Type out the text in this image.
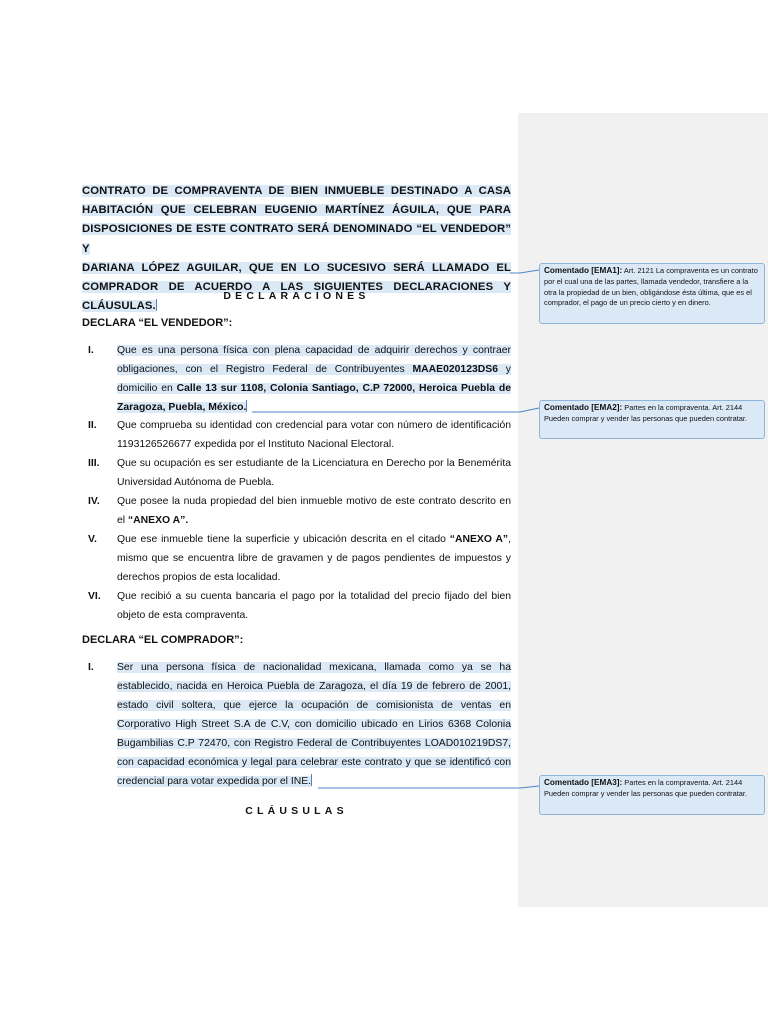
CONTRATO DE COMPRAVENTA DE BIEN INMUEBLE DESTINADO A CASA
HABITACIÓN QUE CELEBRAN EUGENIO MARTÍNEZ ÁGUILA, QUE PARA
DISPOSICIONES DE ESTE CONTRATO SERÁ DENOMINADO “EL VENDEDOR” Y
DARIANA LÓPEZ AGUILAR, QUE EN LO SUCESIVO SERÁ LLAMADO EL
COMPRADOR DE ACUERDO A LAS SIGUIENTES DECLARACIONES Y CLÁUSULAS.
DECLARACIONES
DECLARA “EL VENDEDOR”:
I. Que es una persona física con plena capacidad de adquirir derechos y contraer obligaciones, con el Registro Federal de Contribuyentes MAAE020123DS6 y domicilio en Calle 13 sur 1108, Colonia Santiago, C.P 72000, Heroica Puebla de Zaragoza, Puebla, México.
II. Que comprueba su identidad con credencial para votar con número de identificación 1193126526677 expedida por el Instituto Nacional Electoral.
III. Que su ocupación es ser estudiante de la Licenciatura en Derecho por la Benemérita Universidad Autónoma de Puebla.
IV. Que posee la nuda propiedad del bien inmueble motivo de este contrato descrito en el “ANEXO A”.
V. Que ese inmueble tiene la superficie y ubicación descrita en el citado “ANEXO A”, mismo que se encuentra libre de gravamen y de pagos pendientes de impuestos y derechos propios de esta localidad.
VI. Que recibió a su cuenta bancaria el pago por la totalidad del precio fijado del bien objeto de esta compraventa.
DECLARA “EL COMPRADOR”:
I. Ser una persona física de nacionalidad mexicana, llamada como ya se ha establecido, nacida en Heroica Puebla de Zaragoza, el día 19 de febrero de 2001, estado civil soltera, que ejerce la ocupación de comisionista de ventas en Corporativo High Street S.A de C.V, con domicilio ubicado en Lirios 6368 Colonia Bugambilias C.P 72470, con Registro Federal de Contribuyentes LOAD010219DS7, con capacidad económica y legal para celebrar este contrato y que se identificó con credencial para votar expedida por el INE.
CLÁUSULAS
Comentado [EMA1]: Art. 2121 La compraventa es un contrato por el cual una de las partes, llamada vendedor, transfiere a la otra la propiedad de un bien, obligándose ésta última, que es el comprador, el pago de un precio cierto y en dinero.
Comentado [EMA2]: Partes en la compraventa. Art. 2144 Pueden comprar y vender las personas que pueden contratar.
Comentado [EMA3]: Partes en la compraventa. Art. 2144 Pueden comprar y vender las personas que pueden contratar.
